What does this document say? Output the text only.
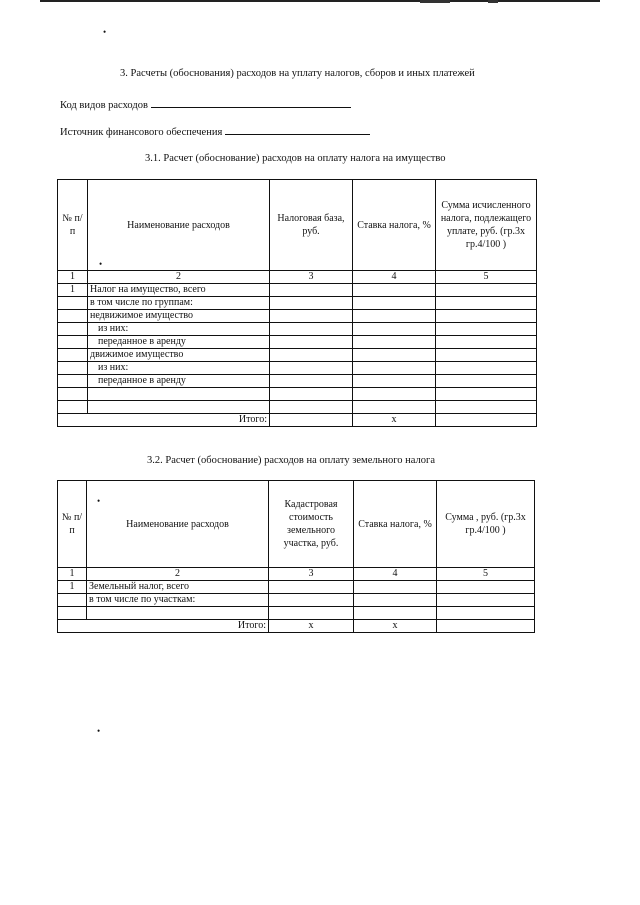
•
3. Расчеты (обоснования) расходов на уплату налогов, сборов и иных платежей
Код видов расходов
Источник финансового обеспечения
3.1. Расчет (обоснование) расходов на оплату налога на имущество
№ п/п	Наименование расходов	Налоговая база, руб.	Ставка налога, %	Сумма исчисленного налога, подлежащего уплате, руб. (гр.3х гр.4/100 )
1	2	3	4	5
1	Налог на имущество, всего			
	в том числе по группам:			
	недвижимое имущество			
	из них:			
	переданное в аренду			
	движимое имущество			
	из них:			
	переданное в аренду			

Итого:			x	
•
3.2. Расчет (обоснование) расходов на оплату земельного налога
№ п/п	Наименование расходов	Кадастровая стоимость земельного участка, руб.	Ставка налога, %	Сумма , руб. (гр.3х гр.4/100 )
1	2	3	4	5
1	Земельный налог, всего			
	в том числе по участкам:			

Итого:		x	x	
•
•
